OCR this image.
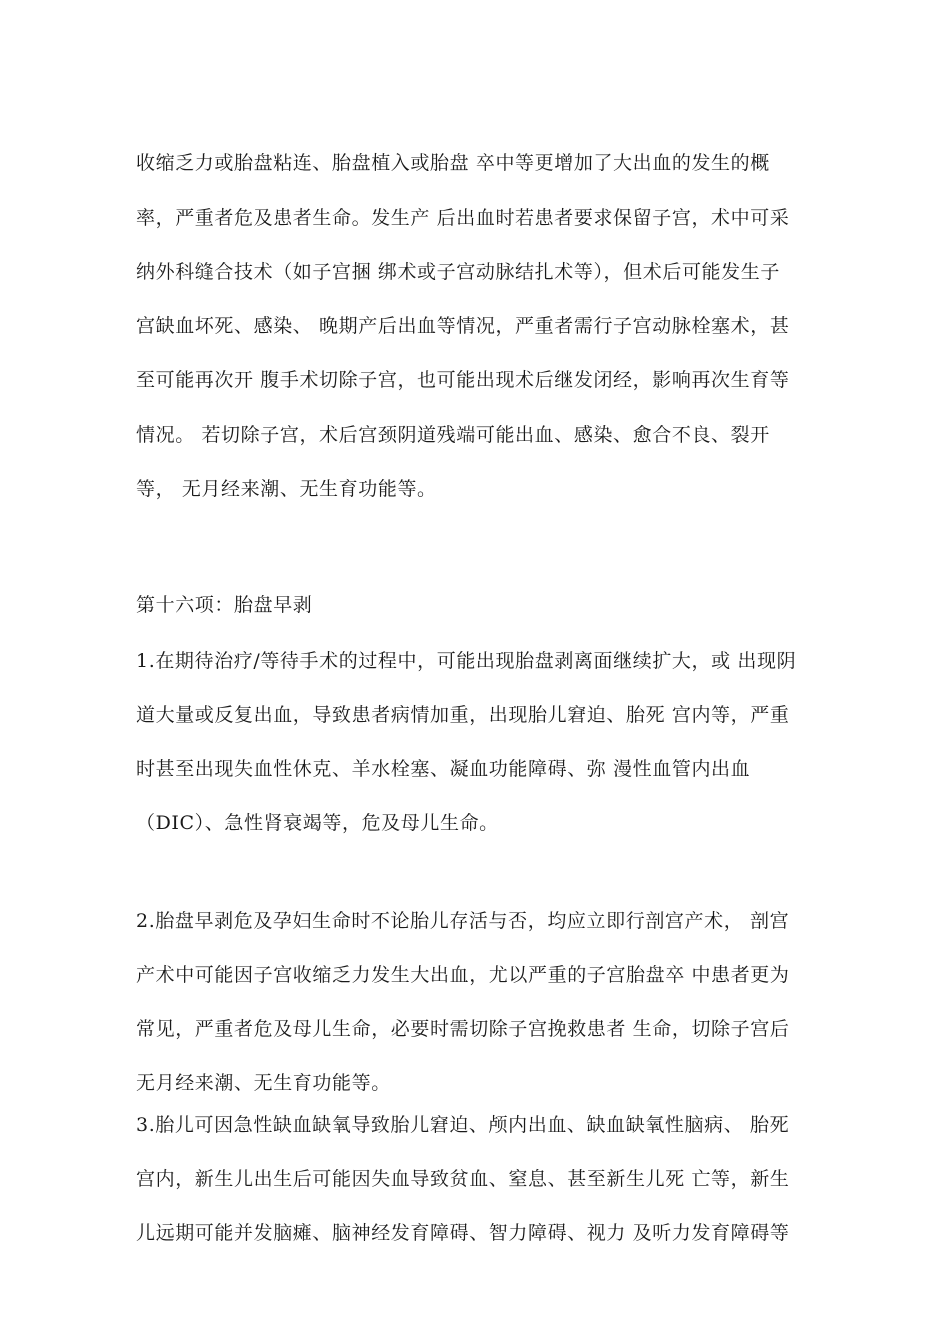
收缩乏力或胎盘粘连、胎盘植入或胎盘 卒中等更增加了大出血的发生的概

率，严重者危及患者生命。发生产 后出血时若患者要求保留子宫，术中可采

纳外科缝合技术（如子宫捆 绑术或子宫动脉结扎术等），但术后可能发生子

宫缺血坏死、感染、 晚期产后出血等情况，严重者需行子宫动脉栓塞术，甚

至可能再次开 腹手术切除子宫，也可能出现术后继发闭经，影响再次生育等

情况。 若切除子宫，术后宫颈阴道残端可能出血、感染、愈合不良、裂开

等， 无月经来潮、无生育功能等。

第十六项：胎盘早剥

1.在期待治疗/等待手术的过程中，可能出现胎盘剥离面继续扩大，或 出现阴

道大量或反复出血，导致患者病情加重，出现胎儿窘迫、胎死 宫内等，严重

时甚至出现失血性休克、羊水栓塞、凝血功能障碍、弥 漫性血管内出血

（DIC）、急性肾衰竭等，危及母儿生命。

2.胎盘早剥危及孕妇生命时不论胎儿存活与否，均应立即行剖宫产术， 剖宫

产术中可能因子宫收缩乏力发生大出血，尤以严重的子宫胎盘卒 中患者更为

常见，严重者危及母儿生命，必要时需切除子宫挽救患者 生命，切除子宫后

无月经来潮、无生育功能等。

3.胎儿可因急性缺血缺氧导致胎儿窘迫、颅内出血、缺血缺氧性脑病、 胎死

宫内，新生儿出生后可能因失血导致贫血、窒息、甚至新生儿死 亡等，新生

儿远期可能并发脑瘫、脑神经发育障碍、智力障碍、视力 及听力发育障碍等
